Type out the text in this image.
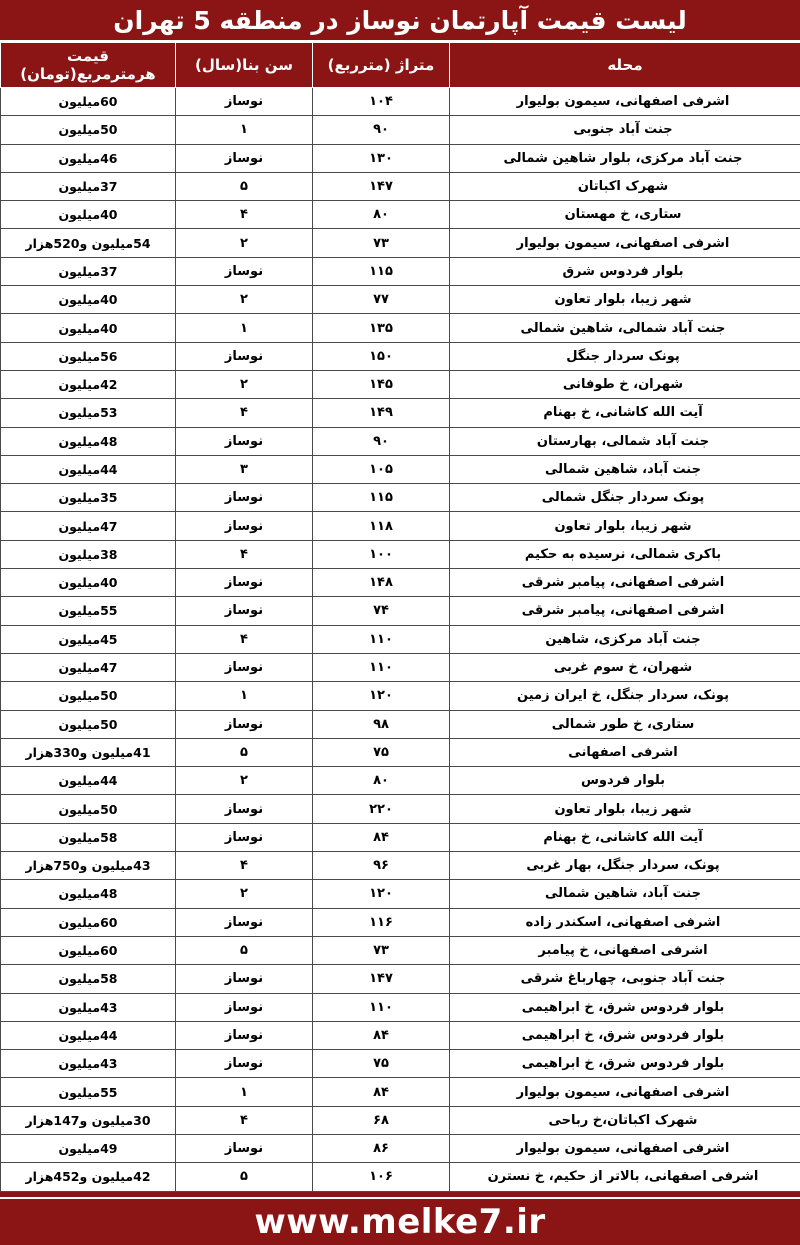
لیست قیمت آپارتمان نوساز در منطقه 5 تهران
محله	متراژ (مترربع)	سن بنا(سال)	قیمت هرمترمربع(تومان)
اشرفی اصفهانی، سیمون بولیوار	۱۰۴	نوساز	60میلیون
جنت آباد جنوبی	۹۰	۱	50میلیون
جنت آباد مرکزی، بلوار شاهین شمالی	۱۳۰	نوساز	46میلیون
شهرک اکباتان	۱۴۷	۵	37میلیون
ستاری، خ مهستان	۸۰	۴	40میلیون
اشرفی اصفهانی، سیمون بولیوار	۷۳	۲	54میلیون و520هزار
بلوار فردوس شرق	۱۱۵	نوساز	37میلیون
شهر زیبا، بلوار تعاون	۷۷	۲	40میلیون
جنت آباد شمالی، شاهین شمالی	۱۳۵	۱	40میلیون
پونک سردار جنگل	۱۵۰	نوساز	56میلیون
شهران، خ طوفانی	۱۴۵	۲	42میلیون
آیت الله کاشانی، خ بهنام	۱۴۹	۴	53میلیون
جنت آباد شمالی، بهارستان	۹۰	نوساز	48میلیون
جنت آباد، شاهین شمالی	۱۰۵	۳	44میلیون
پونک سردار جنگل شمالی	۱۱۵	نوساز	35میلیون
شهر زیبا، بلوار تعاون	۱۱۸	نوساز	47میلیون
باکری شمالی، نرسیده به حکیم	۱۰۰	۴	38میلیون
اشرفی اصفهانی، پیامبر شرقی	۱۴۸	نوساز	40میلیون
اشرفی اصفهانی، پیامبر شرقی	۷۴	نوساز	55میلیون
جنت آباد مرکزی، شاهین	۱۱۰	۴	45میلیون
شهران، خ سوم غربی	۱۱۰	نوساز	47میلیون
پونک، سردار جنگل، خ ایران زمین	۱۲۰	۱	50میلیون
ستاری، خ طور شمالی	۹۸	نوساز	50میلیون
اشرفی اصفهانی	۷۵	۵	41میلیون و330هزار
بلوار فردوس	۸۰	۲	44میلیون
شهر زیبا، بلوار تعاون	۲۲۰	نوساز	50میلیون
آیت الله کاشانی، خ بهنام	۸۴	نوساز	58میلیون
پونک، سردار جنگل، بهار غربی	۹۶	۴	43میلیون و750هزار
جنت آباد، شاهین شمالی	۱۲۰	۲	48میلیون
اشرفی اصفهانی، اسکندر زاده	۱۱۶	نوساز	60میلیون
اشرفی اصفهانی، خ پیامبر	۷۳	۵	60میلیون
جنت آباد جنوبی، چهارباغ شرقی	۱۴۷	نوساز	58میلیون
بلوار فردوس شرق، خ ابراهیمی	۱۱۰	نوساز	43میلیون
بلوار فردوس شرق، خ ابراهیمی	۸۴	نوساز	44میلیون
بلوار فردوس شرق، خ ابراهیمی	۷۵	نوساز	43میلیون
اشرفی اصفهانی، سیمون بولیوار	۸۴	۱	55میلیون
شهرک اکباتان،خ رباحی	۶۸	۴	30میلیون و147هزار
اشرفی اصفهانی، سیمون بولیوار	۸۶	نوساز	49میلیون
اشرفی اصفهانی، بالاتر از حکیم، خ نسترن	۱۰۶	۵	42میلیون و452هزار
www.melke7.ir
